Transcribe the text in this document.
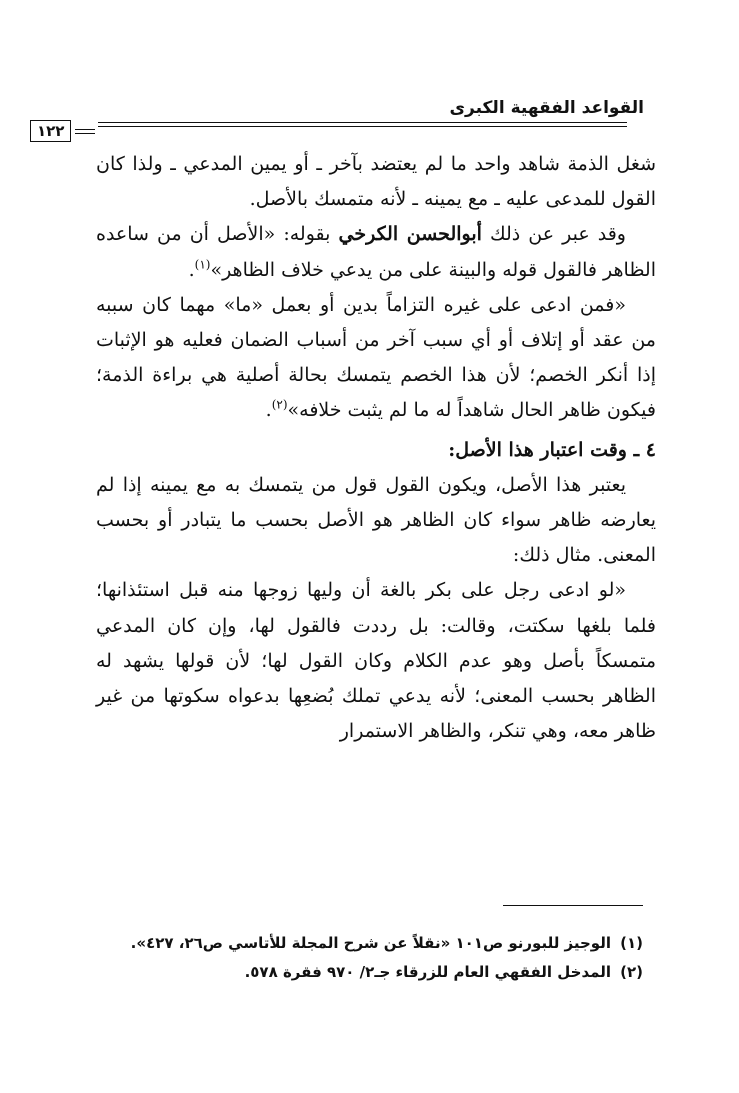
القواعد الفقهية الكبرى
١٢٢

شغل الذمة شاهد واحد ما لم يعتضد بآخر ـ أو يمين المدعي ـ ولذا كان القول للمدعى عليه ـ مع يمينه ـ لأنه متمسك بالأصل.

وقد عبر عن ذلك أبوالحسن الكرخي بقوله: «الأصل أن من ساعده الظاهر فالقول قوله والبينة على من يدعي خلاف الظاهر»$^{(١)}$.

«فمن ادعى على غيره التزاماً بدين أو بعمل «ما» مهما كان سببه من عقد أو إتلاف أو أي سبب آخر من أسباب الضمان فعليه هو الإثبات إذا أنكر الخصم؛ لأن هذا الخصم يتمسك بحالة أصلية هي براءة الذمة؛ فيكون ظاهر الحال شاهداً له ما لم يثبت خلافه»$^{(٢)}$.

٤ ـ وقت اعتبار هذا الأصل:

يعتبر هذا الأصل، ويكون القول قول من يتمسك به مع يمينه إذا لم يعارضه ظاهر سواء كان الظاهر هو الأصل بحسب ما يتبادر أو بحسب المعنى. مثال ذلك:

«لو ادعى رجل على بكر بالغة أن وليها زوجها منه قبل استئذانها؛ فلما بلغها سكتت، وقالت: بل رددت فالقول لها، وإن كان المدعي متمسكاً بأصل وهو عدم الكلام وكان القول لها؛ لأن قولها يشهد له الظاهر بحسب المعنى؛ لأنه يدعي تملك بُضعِها بدعواه سكوتها من غير ظاهر معه، وهي تنكر، والظاهر الاستمرار

(١)الوجيز للبورنو ص١٠١ «نقلاً عن شرح المجلة للأتاسي ص٢٦، ٤٢٧».
(٢)المدخل الفقهي العام للزرقاء جـ٢/ ٩٧٠ فقرة ٥٧٨.
